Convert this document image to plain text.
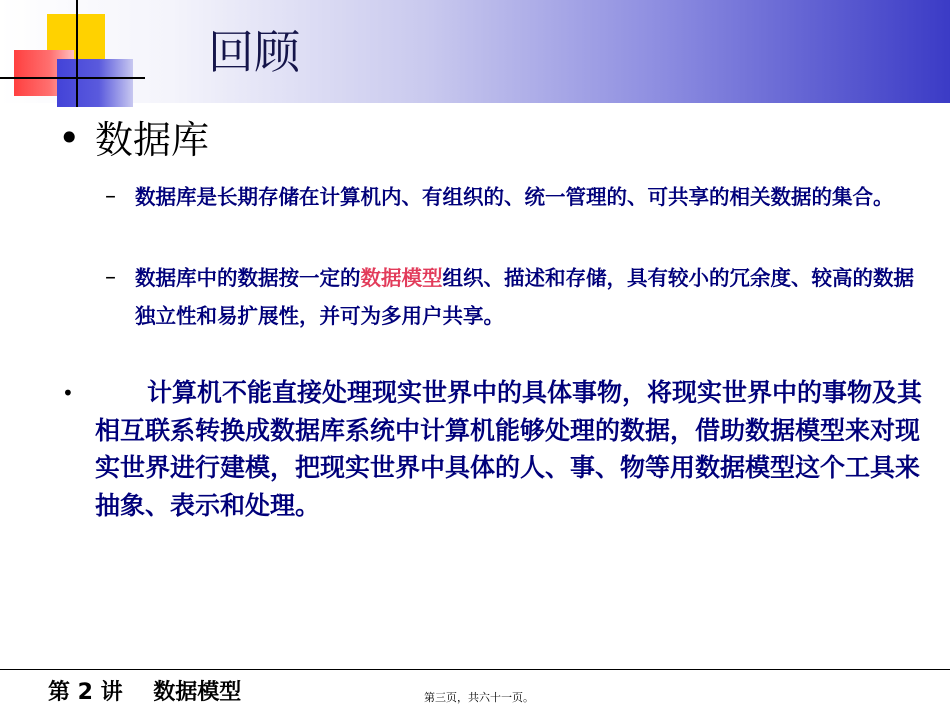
回顾
• 数据库
– 数据库是长期存储在计算机内、有组织的、统一管理的、可共享的相关数据的集合。

– 数据库中的数据按一定的数据模型组织、描述和存储，具有较小的冗余度、较高的数据独立性和易扩展性，并可为多用户共享。

•	计算机不能直接处理现实世界中的具体事物，将现实世界中的事物及其相互联系转换成数据库系统中计算机能够处理的数据，借助数据模型来对现实世界进行建模，把现实世界中具体的人、事、物等用数据模型这个工具来抽象、表示和处理。

第 2 讲    数据模型	第三页，共六十一页。
